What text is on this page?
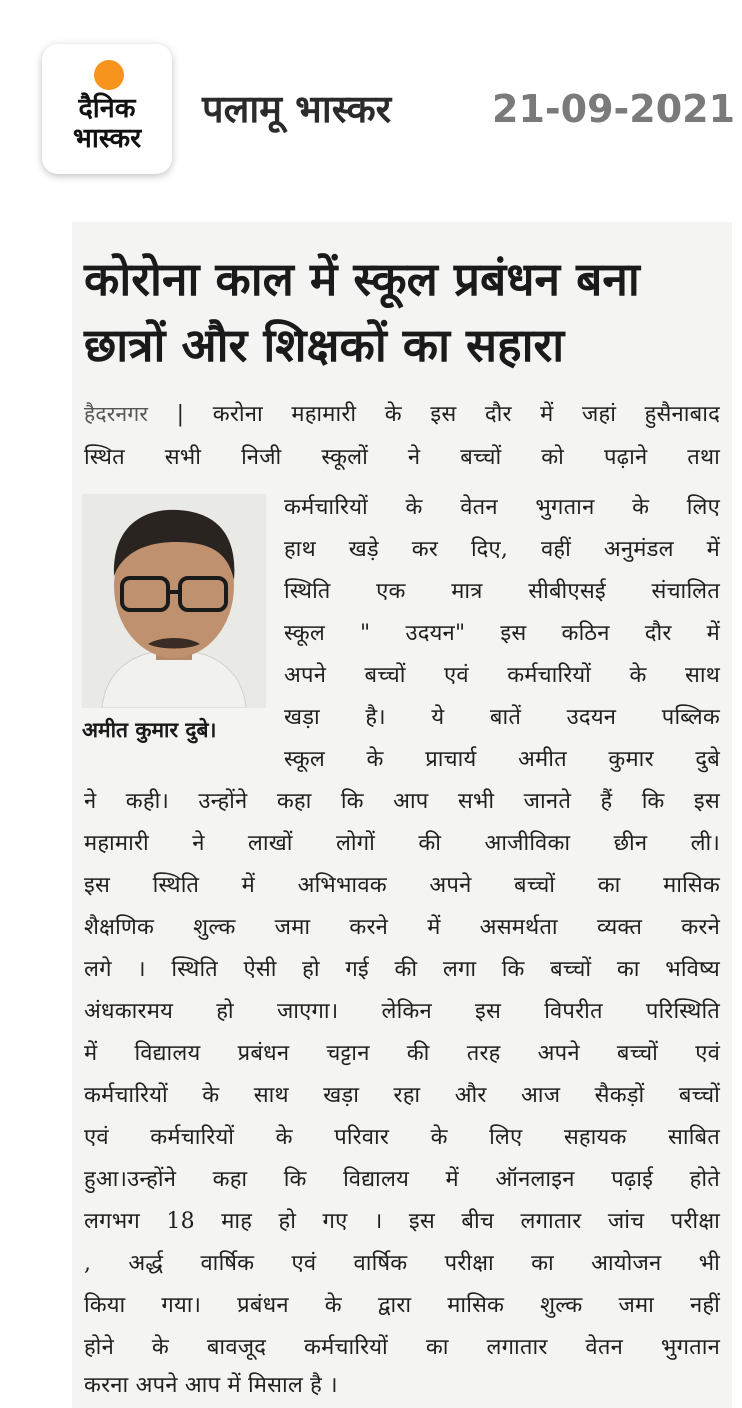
दैनिक
भास्कर
पलामू भास्कर	21-09-2021
कोरोना काल में स्कूल प्रबंधन बना
छात्रों और शिक्षकों का सहारा
हैदरनगर | करोना महामारी के इस दौर में जहां हुसैनाबाद
स्थित सभी निजी स्कूलों ने बच्चों को पढ़ाने तथा
अमीत कुमार दुबे।
कर्मचारियों के वेतन भुगतान के लिए
हाथ खड़े कर दिए, वहीं अनुमंडल में
स्थिति एक मात्र सीबीएसई संचालित
स्कूल " उदयन" इस कठिन दौर में
अपने बच्चों एवं कर्मचारियों के साथ
खड़ा है। ये बातें उदयन पब्लिक
स्कूल के प्राचार्य अमीत कुमार दुबे
ने कही। उन्होंने कहा कि आप सभी जानते हैं कि इस
महामारी ने लाखों लोगों की आजीविका छीन ली।
इस स्थिति में अभिभावक अपने बच्चों का मासिक
शैक्षणिक शुल्क जमा करने में असमर्थता व्यक्त करने
लगे । स्थिति ऐसी हो गई की लगा कि बच्चों का भविष्य
अंधकारमय हो जाएगा। लेकिन इस विपरीत परिस्थिति
में विद्यालय प्रबंधन चट्टान की तरह अपने बच्चों एवं
कर्मचारियों के साथ खड़ा रहा और आज सैकड़ों बच्चों
एवं कर्मचारियों के परिवार के लिए सहायक साबित
हुआ।उन्होंने कहा कि विद्यालय में ऑनलाइन पढ़ाई होते
लगभग 18 माह हो गए । इस बीच लगातार जांच परीक्षा
, अर्द्ध वार्षिक एवं वार्षिक परीक्षा का आयोजन भी
किया गया। प्रबंधन के द्वारा मासिक शुल्क जमा नहीं
होने के बावजूद कर्मचारियों का लगातार वेतन भुगतान
करना अपने आप में मिसाल है ।
